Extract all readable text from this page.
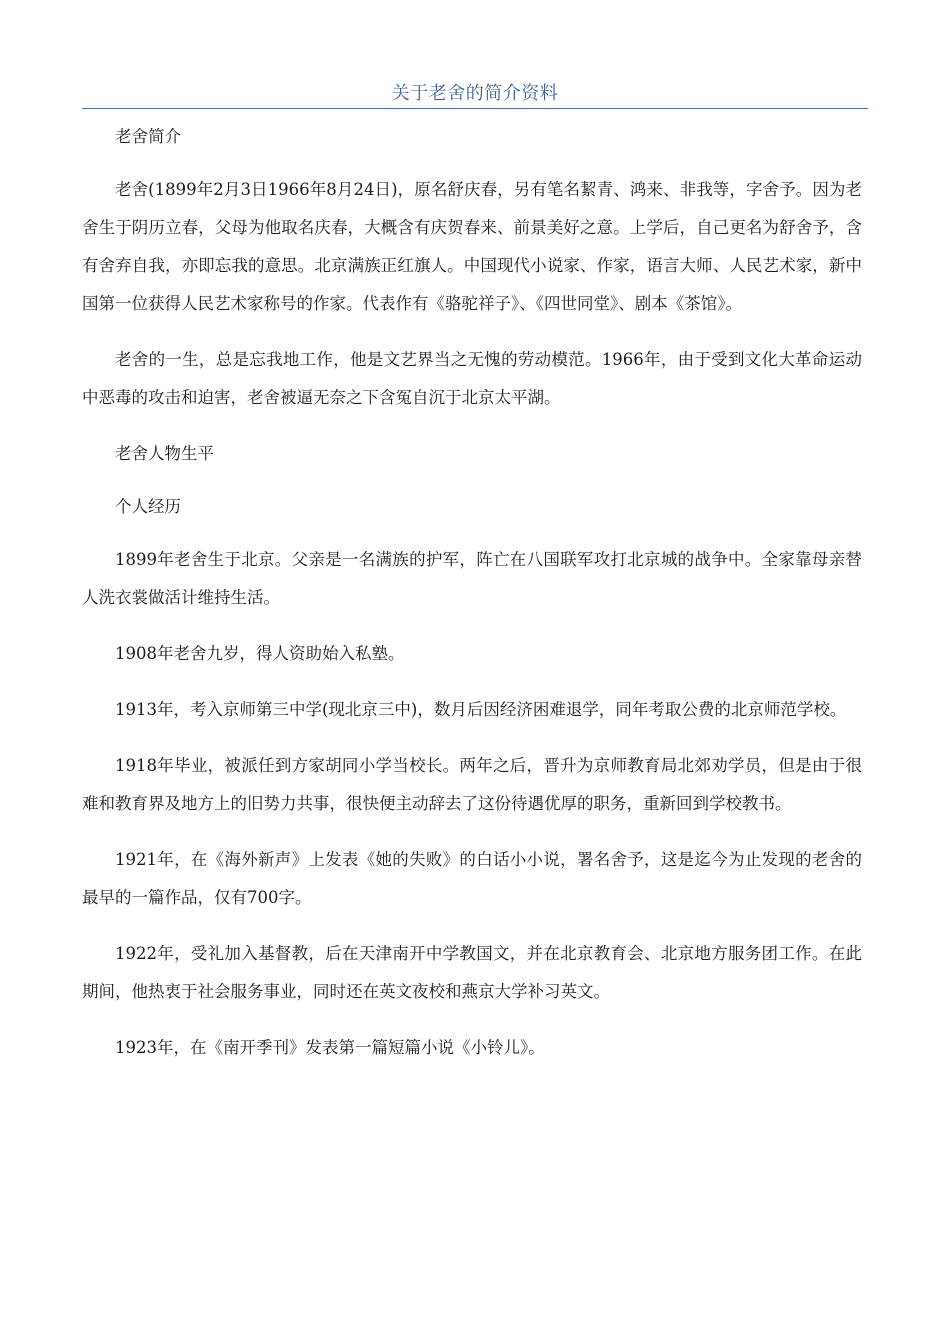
关于老舍的简介资料

老舍简介

老舍(1899年2月3日1966年8月24日)，原名舒庆春，另有笔名絜青、鸿来、非我等，字舍予。因为老舍生于阴历立春，父母为他取名庆春，大概含有庆贺春来、前景美好之意。上学后，自己更名为舒舍予，含有舍弃自我，亦即忘我的意思。北京满族正红旗人。中国现代小说家、作家，语言大师、人民艺术家，新中国第一位获得人民艺术家称号的作家。代表作有《骆驼祥子》、《四世同堂》、剧本《茶馆》。

老舍的一生，总是忘我地工作，他是文艺界当之无愧的劳动模范。1966年，由于受到文化大革命运动中恶毒的攻击和迫害，老舍被逼无奈之下含冤自沉于北京太平湖。

老舍人物生平

个人经历

1899年老舍生于北京。父亲是一名满族的护军，阵亡在八国联军攻打北京城的战争中。全家靠母亲替人洗衣裳做活计维持生活。

1908年老舍九岁，得人资助始入私塾。

1913年，考入京师第三中学(现北京三中)，数月后因经济困难退学，同年考取公费的北京师范学校。

1918年毕业，被派任到方家胡同小学当校长。两年之后，晋升为京师教育局北郊劝学员，但是由于很难和教育界及地方上的旧势力共事，很快便主动辞去了这份待遇优厚的职务，重新回到学校教书。

1921年，在《海外新声》上发表《她的失败》的白话小小说，署名舍予，这是迄今为止发现的老舍的最早的一篇作品，仅有700字。

1922年，受礼加入基督教，后在天津南开中学教国文，并在北京教育会、北京地方服务团工作。在此期间，他热衷于社会服务事业，同时还在英文夜校和燕京大学补习英文。

1923年，在《南开季刊》发表第一篇短篇小说《小铃儿》。
